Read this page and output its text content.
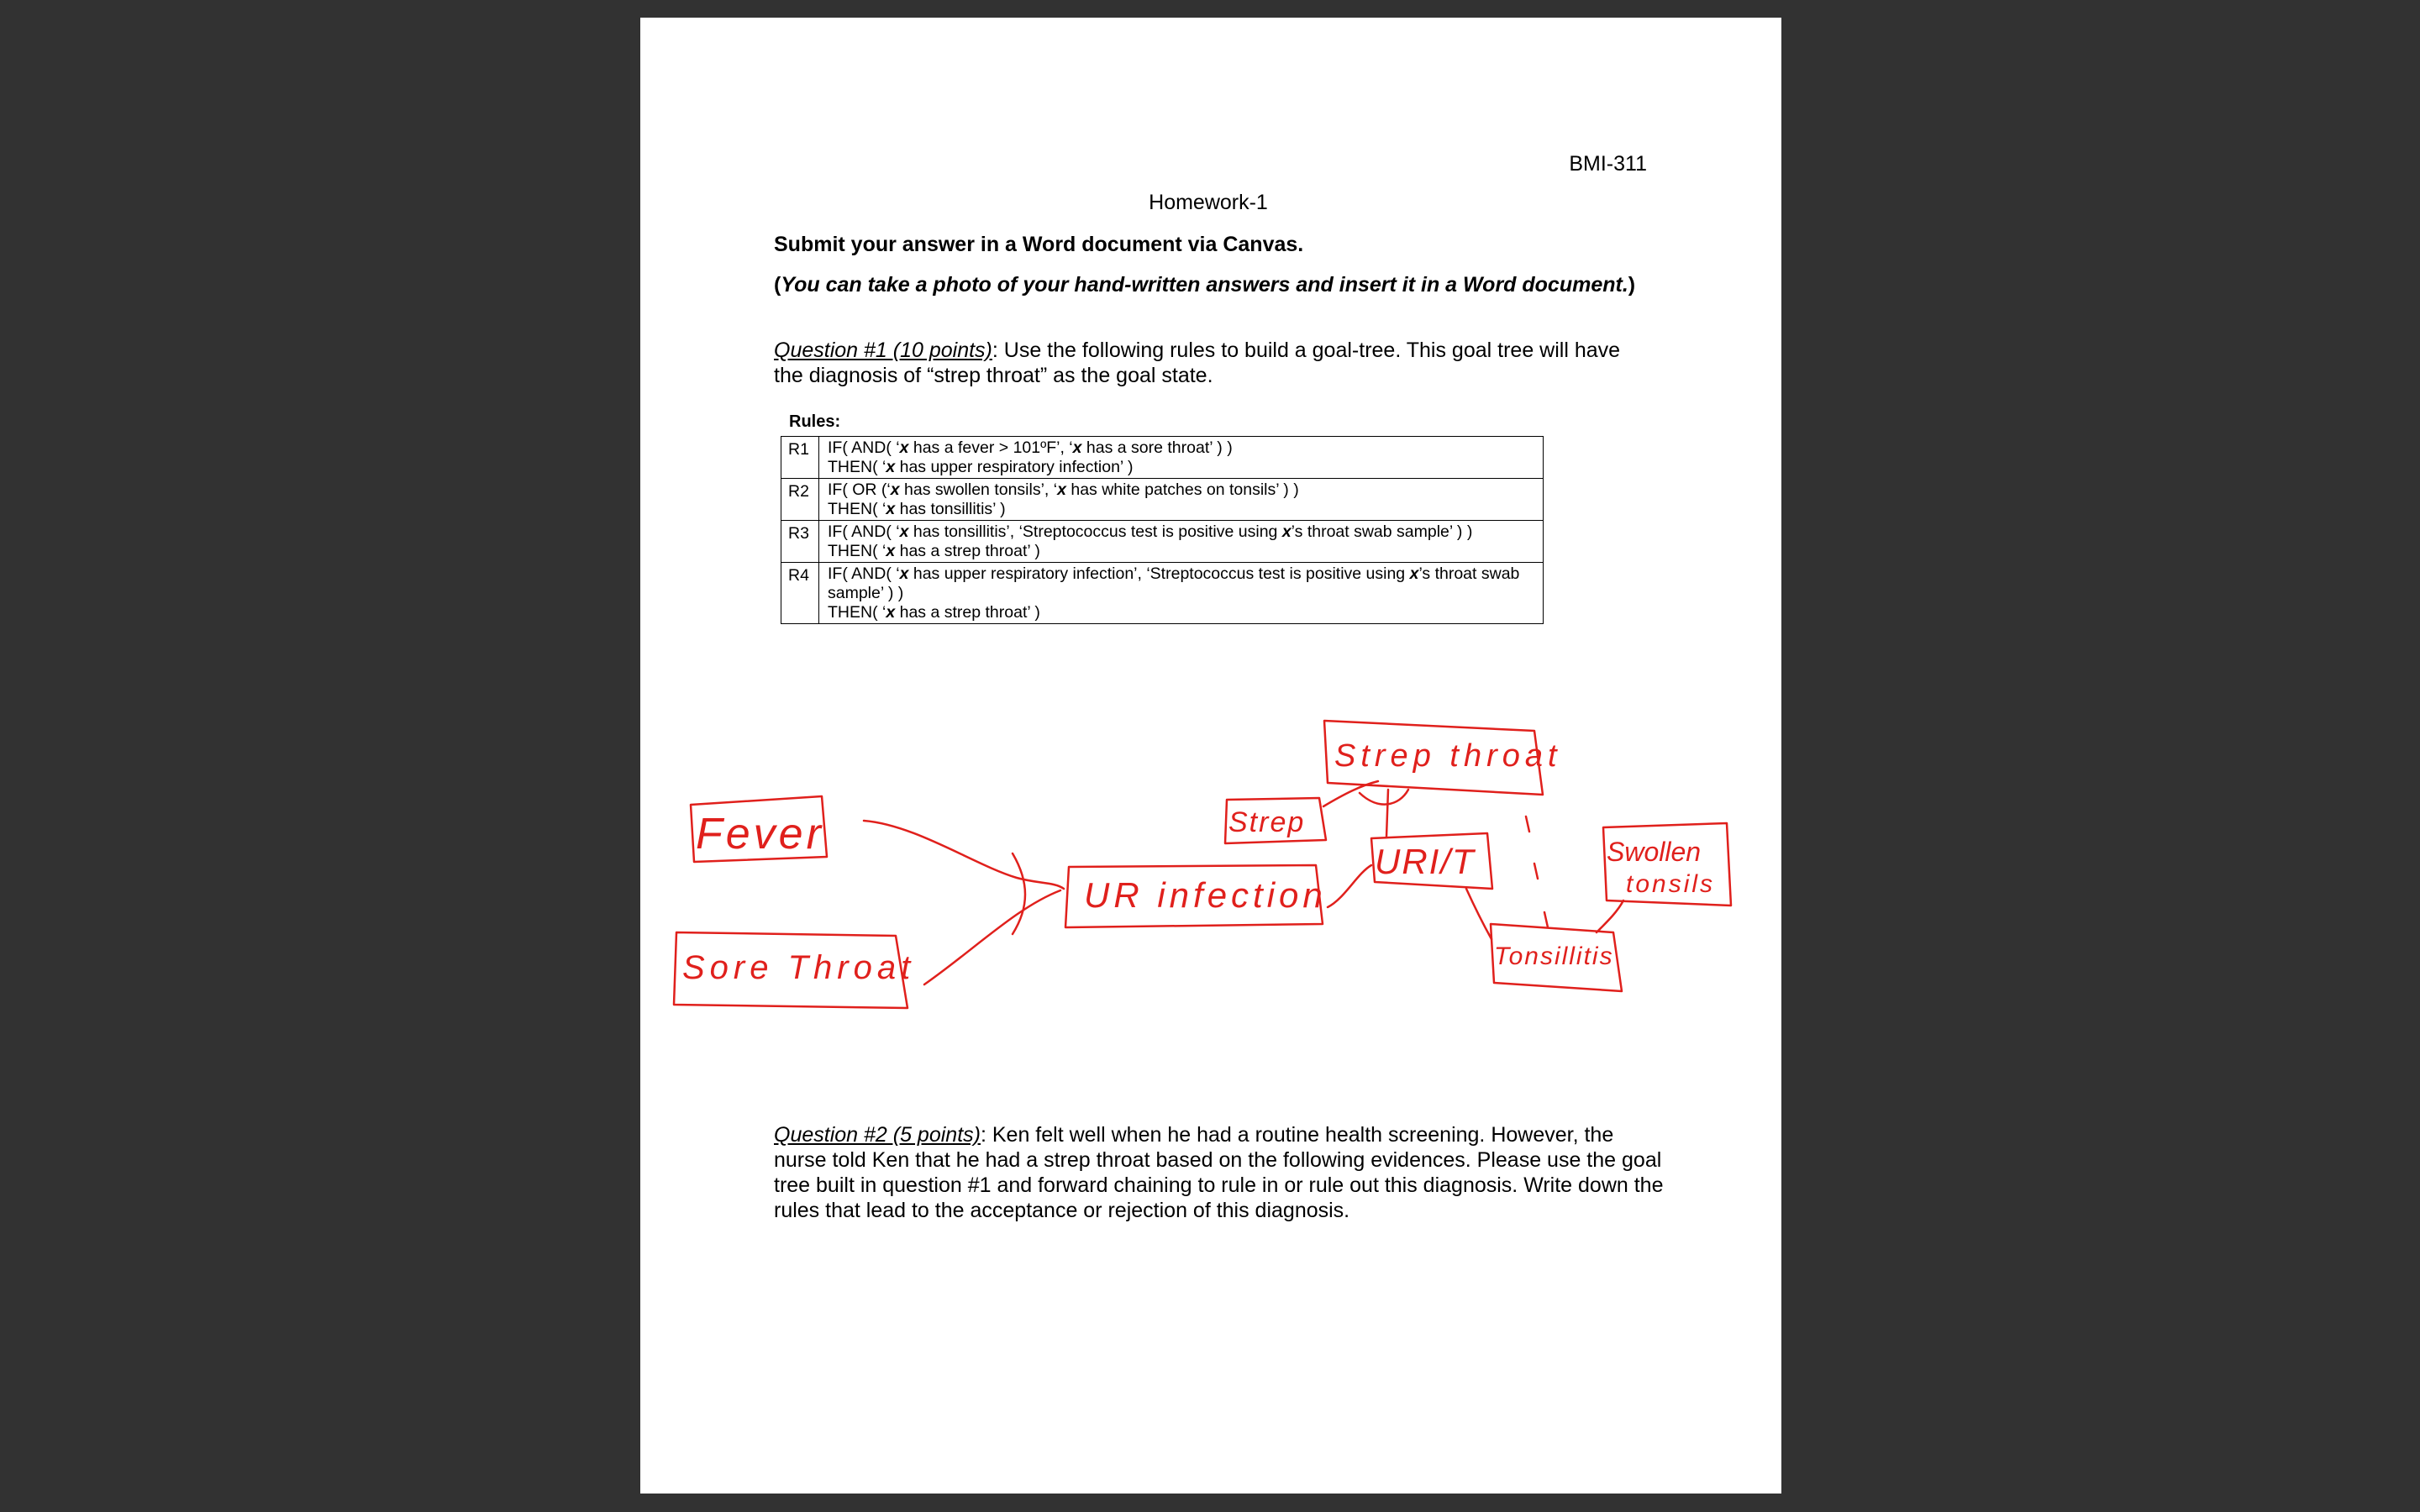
BMI-311
Homework-1
Submit your answer in a Word document via Canvas.
(You can take a photo of your hand-written answers and insert it in a Word document.)
Question #1 (10 points): Use the following rules to build a goal-tree. This goal tree will have the diagnosis of “strep throat” as the goal state.
Rules:
R1	IF( AND( ‘x has a fever > 101ºF’, ‘x has a sore throat’ ) )
THEN( ‘x has upper respiratory infection’ )

R2	IF( OR (‘x has swollen tonsils’, ‘x has white patches on tonsils’ ) )
THEN( ‘x has tonsillitis’ )

R3	IF( AND( ‘x has tonsillitis’, ‘Streptococcus test is positive using x’s throat swab sample’ ) )
THEN( ‘x has a strep throat’ )

R4	IF( AND( ‘x has upper respiratory infection’, ‘Streptococcus test is positive using x’s throat swab sample’ ) )
THEN( ‘x has a strep throat’ )
Question #2 (5 points): Ken felt well when he had a routine health screening. However, the nurse told Ken that he had a strep throat based on the following evidences. Please use the goal tree built in question #1 and forward chaining to rule in or rule out this diagnosis. Write down the rules that lead to the acceptance or rejection of this diagnosis.
Fever
Sore Throat
UR infection
Strep
Strep throat
URI/T	Swollen
tonsils
Tonsillitis
